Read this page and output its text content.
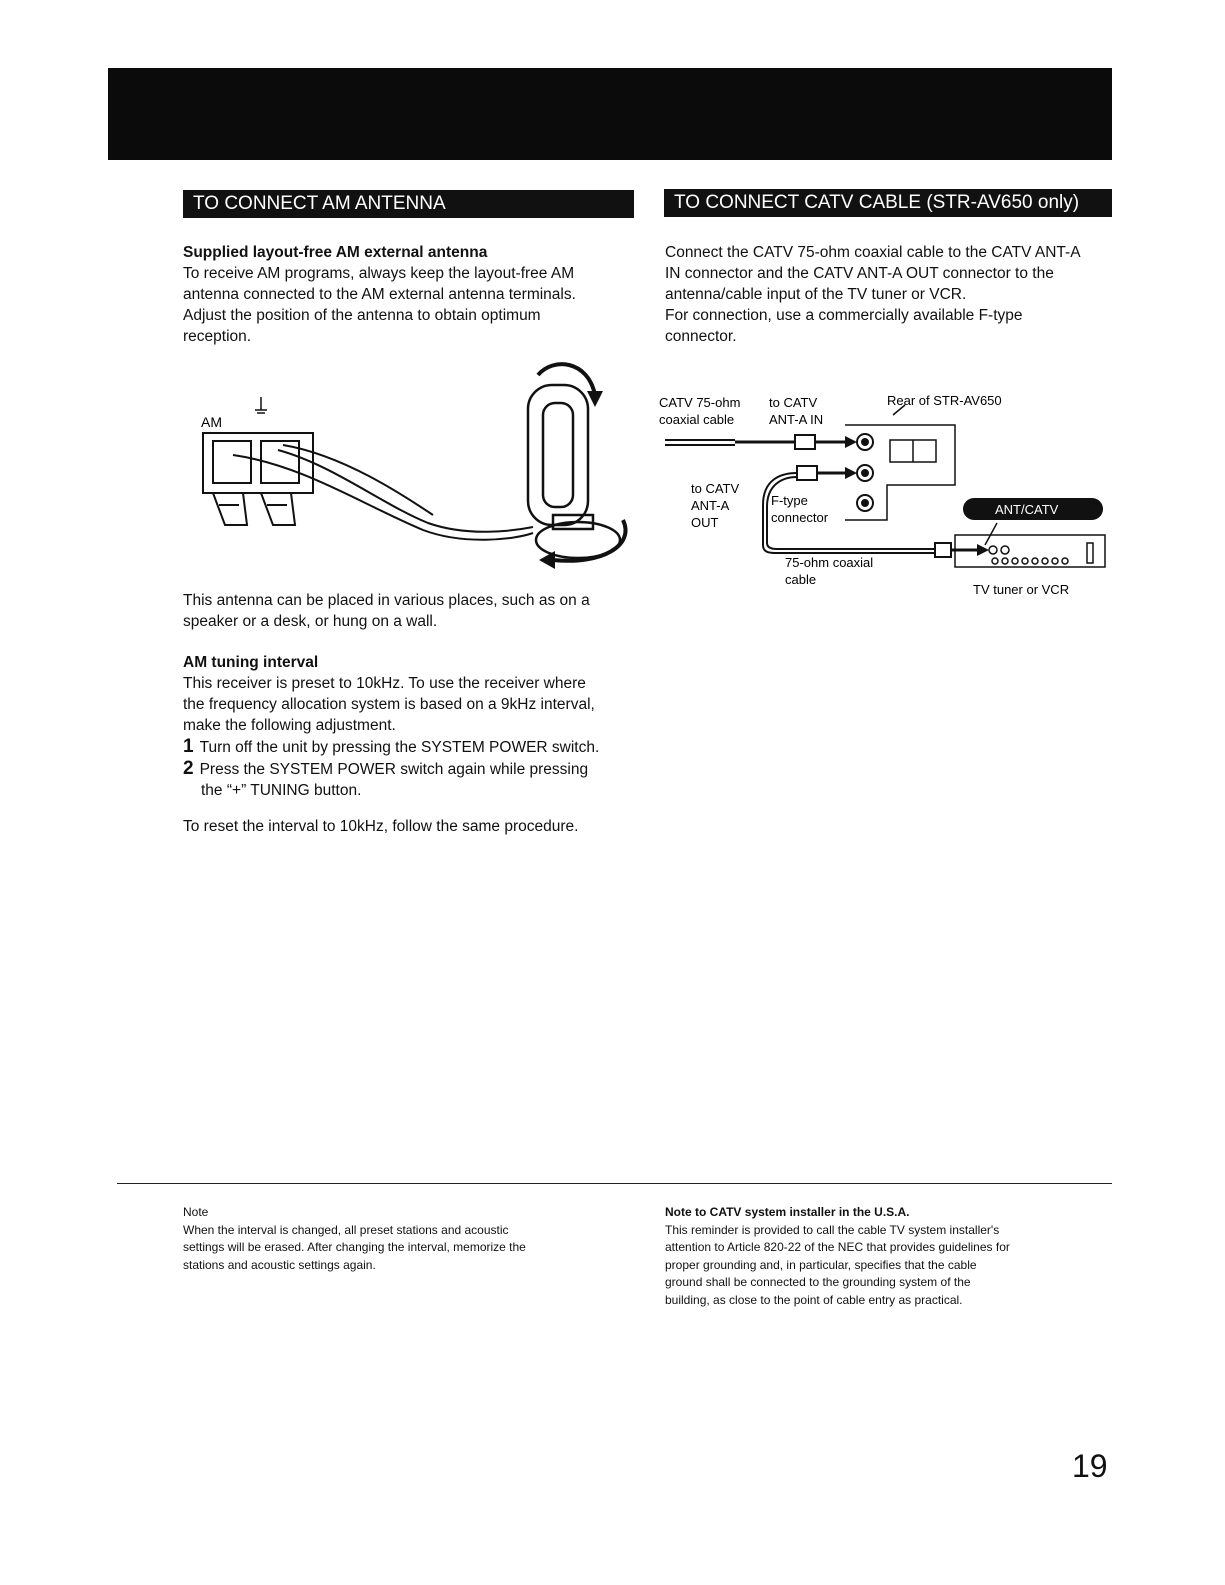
TO CONNECT AM ANTENNA

Supplied layout-free AM external antenna

To receive AM programs, always keep the layout-free AM

antenna connected to the AM external antenna terminals.

Adjust the position of the antenna to obtain optimum

reception.

AM

This antenna can be placed in various places, such as on a

speaker or a desk, or hung on a wall.

AM tuning interval

This receiver is preset to 10kHz. To use the receiver where

the frequency allocation system is based on a 9kHz interval,

make the following adjustment.

1 Turn off the unit by pressing the SYSTEM POWER switch.

2 Press the SYSTEM POWER switch again while pressing

the “+” TUNING button.

To reset the interval to 10kHz, follow the same procedure.

TO CONNECT CATV CABLE (STR-AV650 only)

Connect the CATV 75-ohm coaxial cable to the CATV ANT-A

IN connector and the CATV ANT-A OUT connector to the

antenna/cable input of the TV tuner or VCR.

For connection, use a commercially available F-type

connector.

CATV 75-ohm
coaxial cable
to CATV
ANT-A IN
Rear of STR-AV650
to CATV
ANT-A
OUT
F-type
connector
75-ohm coaxial
cable
TV tuner or VCR
ANT/CATV

Note

When the interval is changed, all preset stations and acoustic

settings will be erased. After changing the interval, memorize the

stations and acoustic settings again.

Note to CATV system installer in the U.S.A.

This reminder is provided to call the cable TV system installer's

attention to Article 820-22 of the NEC that provides guidelines for

proper grounding and, in particular, specifies that the cable

ground shall be connected to the grounding system of the

building, as close to the point of cable entry as practical.

19
